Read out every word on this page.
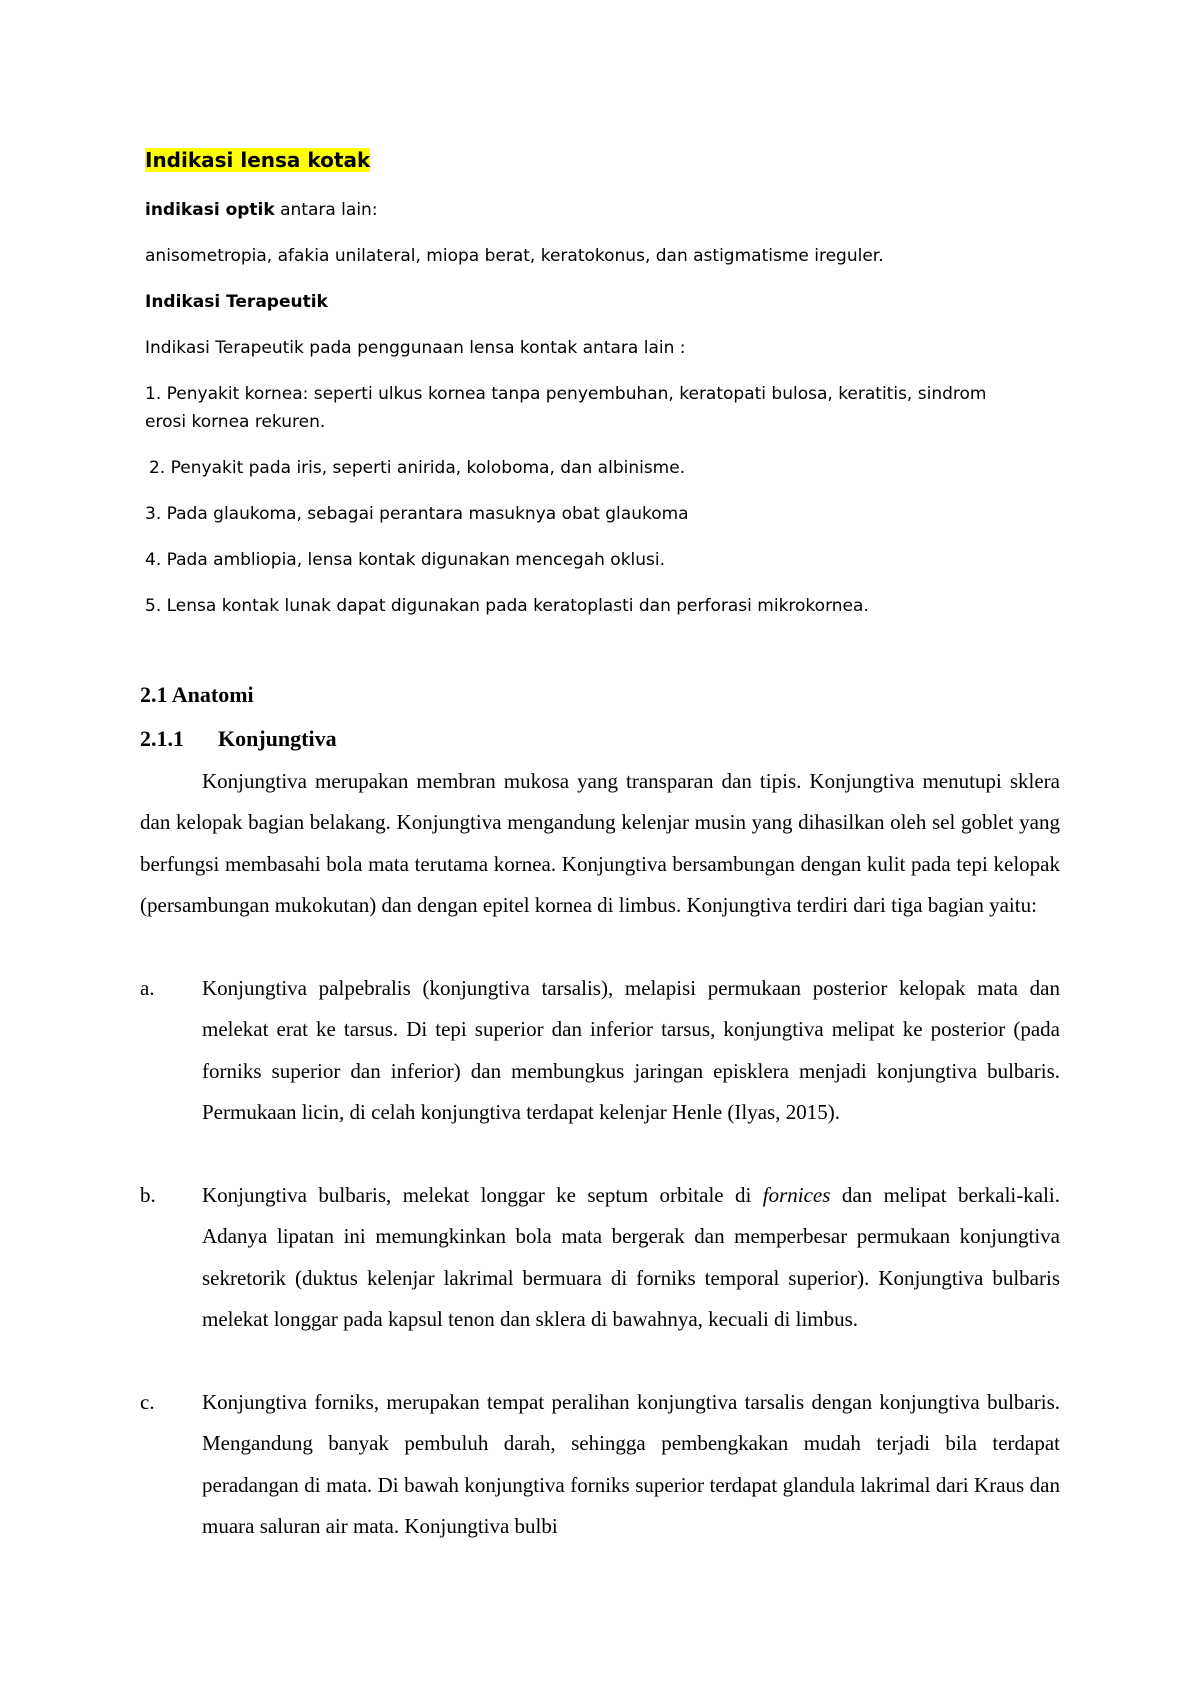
Indikasi lensa kotak
indikasi optik antara lain:
anisometropia, afakia unilateral, miopa berat, keratokonus, dan astigmatisme ireguler.
Indikasi Terapeutik
Indikasi Terapeutik pada penggunaan lensa kontak antara lain :
1. Penyakit kornea: seperti ulkus kornea tanpa penyembuhan, keratopati bulosa, keratitis, sindrom
erosi kornea rekuren.
2. Penyakit pada iris, seperti anirida, koloboma, dan albinisme.
3. Pada glaukoma, sebagai perantara masuknya obat glaukoma
4. Pada ambliopia, lensa kontak digunakan mencegah oklusi.
5. Lensa kontak lunak dapat digunakan pada keratoplasti dan perforasi mikrokornea.
2.1 Anatomi
2.1.1 Konjungtiva
Konjungtiva merupakan membran mukosa yang transparan dan tipis. Konjungtiva menutupi sklera dan kelopak bagian belakang. Konjungtiva mengandung kelenjar musin yang dihasilkan oleh sel goblet yang berfungsi membasahi bola mata terutama kornea. Konjungtiva bersambungan dengan kulit pada tepi kelopak (persambungan mukokutan) dan dengan epitel kornea di limbus. Konjungtiva terdiri dari tiga bagian yaitu:
a. Konjungtiva palpebralis (konjungtiva tarsalis), melapisi permukaan posterior kelopak mata dan melekat erat ke tarsus. Di tepi superior dan inferior tarsus, konjungtiva melipat ke posterior (pada forniks superior dan inferior) dan membungkus jaringan episklera menjadi konjungtiva bulbaris. Permukaan licin, di celah konjungtiva terdapat kelenjar Henle (Ilyas, 2015).
b. Konjungtiva bulbaris, melekat longgar ke septum orbitale di fornices dan melipat berkali-kali. Adanya lipatan ini memungkinkan bola mata bergerak dan memperbesar permukaan konjungtiva sekretorik (duktus kelenjar lakrimal bermuara di forniks temporal superior). Konjungtiva bulbaris melekat longgar pada kapsul tenon dan sklera di bawahnya, kecuali di limbus.
c. Konjungtiva forniks, merupakan tempat peralihan konjungtiva tarsalis dengan konjungtiva bulbaris. Mengandung banyak pembuluh darah, sehingga pembengkakan mudah terjadi bila terdapat peradangan di mata. Di bawah konjungtiva forniks superior terdapat glandula lakrimal dari Kraus dan muara saluran air mata. Konjungtiva bulbi
